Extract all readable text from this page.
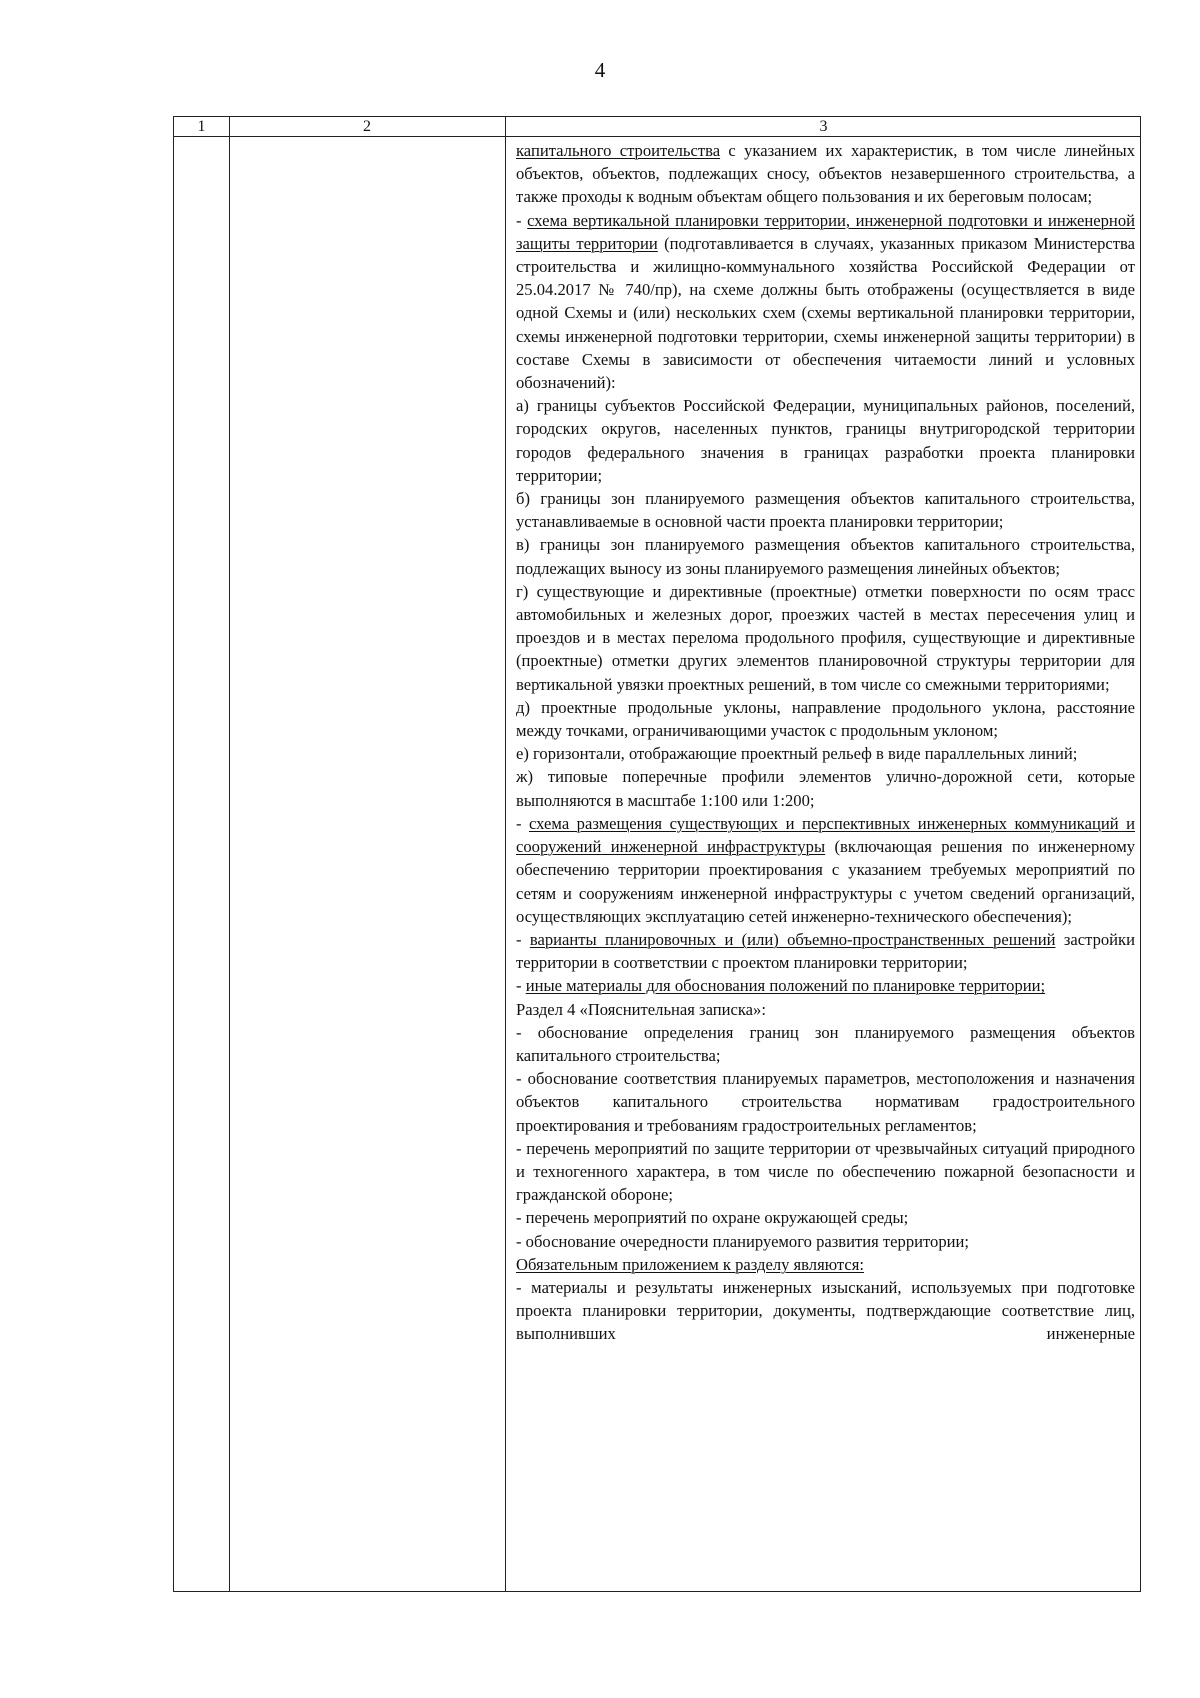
4
1	2	3

капитального строительства с указанием их характеристик, в том числе линейных объектов, объектов, подлежащих сносу, объектов незавершенного строительства, а также проходы к водным объектам общего пользования и их береговым полосам;

- схема вертикальной планировки территории, инженерной подготовки и инженерной защиты территории (подготавливается в случаях, указанных приказом Министерства строительства и жилищно-коммунального хозяйства Российской Федерации от 25.04.2017 № 740/пр), на схеме должны быть отображены (осуществляется в виде одной Схемы и (или) нескольких схем (схемы вертикальной планировки территории, схемы инженерной подготовки территории, схемы инженерной защиты территории) в составе Схемы в зависимости от обеспечения читаемости линий и условных обозначений):

а) границы субъектов Российской Федерации, муниципальных районов, поселений, городских округов, населенных пунктов, границы внутригородской территории городов федерального значения в границах разработки проекта планировки территории;

б) границы зон планируемого размещения объектов капитального строительства, устанавливаемые в основной части проекта планировки территории;

в) границы зон планируемого размещения объектов капитального строительства, подлежащих выносу из зоны планируемого размещения линейных объектов;

г) существующие и директивные (проектные) отметки поверхности по осям трасс автомобильных и железных дорог, проезжих частей в местах пересечения улиц и проездов и в местах перелома продольного профиля, существующие и директивные (проектные) отметки других элементов планировочной структуры территории для вертикальной увязки проектных решений, в том числе со смежными территориями;

д) проектные продольные уклоны, направление продольного уклона, расстояние между точками, ограничивающими участок с продольным уклоном;

е) горизонтали, отображающие проектный рельеф в виде параллельных линий;

ж) типовые поперечные профили элементов улично-дорожной сети, которые выполняются в масштабе 1:100 или 1:200;

- схема размещения существующих и перспективных инженерных коммуникаций и сооружений инженерной инфраструктуры (включающая решения по инженерному обеспечению территории проектирования с указанием требуемых мероприятий по сетям и сооружениям инженерной инфраструктуры с учетом сведений организаций, осуществляющих эксплуатацию сетей инженерно-технического обеспечения);

- варианты планировочных и (или) объемно-пространственных решений застройки территории в соответствии с проектом планировки территории;

- иные материалы для обоснования положений по планировке территории;

Раздел 4 «Пояснительная записка»:

- обоснование определения границ зон планируемого размещения объектов капитального строительства;

- обоснование соответствия планируемых параметров, местоположения и назначения объектов капитального строительства нормативам градостроительного проектирования и требованиям градостроительных регламентов;

- перечень мероприятий по защите территории от чрезвычайных ситуаций природного и техногенного характера, в том числе по обеспечению пожарной безопасности и гражданской обороне;

- перечень мероприятий по охране окружающей среды;

- обоснование очередности планируемого развития территории;

Обязательным приложением к разделу являются:

- материалы и результаты инженерных изысканий, используемых при подготовке проекта планировки территории, документы, подтверждающие соответствие лиц, выполнивших инженерные
